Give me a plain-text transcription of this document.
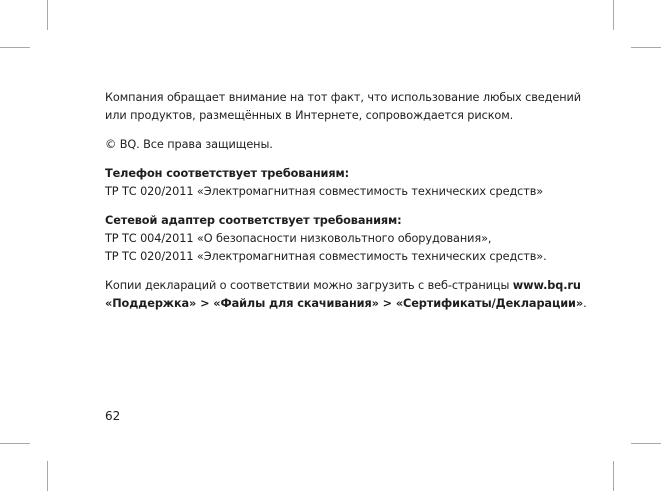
Компания обращает внимание на тот факт, что использование любых сведений
или продуктов, размещённых в Интернете, сопровождается риском.

© BQ. Все права защищены.

Телефон соответствует требованиям:
ТР ТС 020/2011 «Электромагнитная совместимость технических средств»

Сетевой адаптер соответствует требованиям:
ТР ТС 004/2011 «О безопасности низковольтного оборудования»,
ТР ТС 020/2011 «Электромагнитная совместимость технических средств».

Копии деклараций о соответствии можно загрузить с веб-страницы www.bq.ru
«Поддержка» > «Файлы для скачивания» > «Сертификаты/Декларации».

62
